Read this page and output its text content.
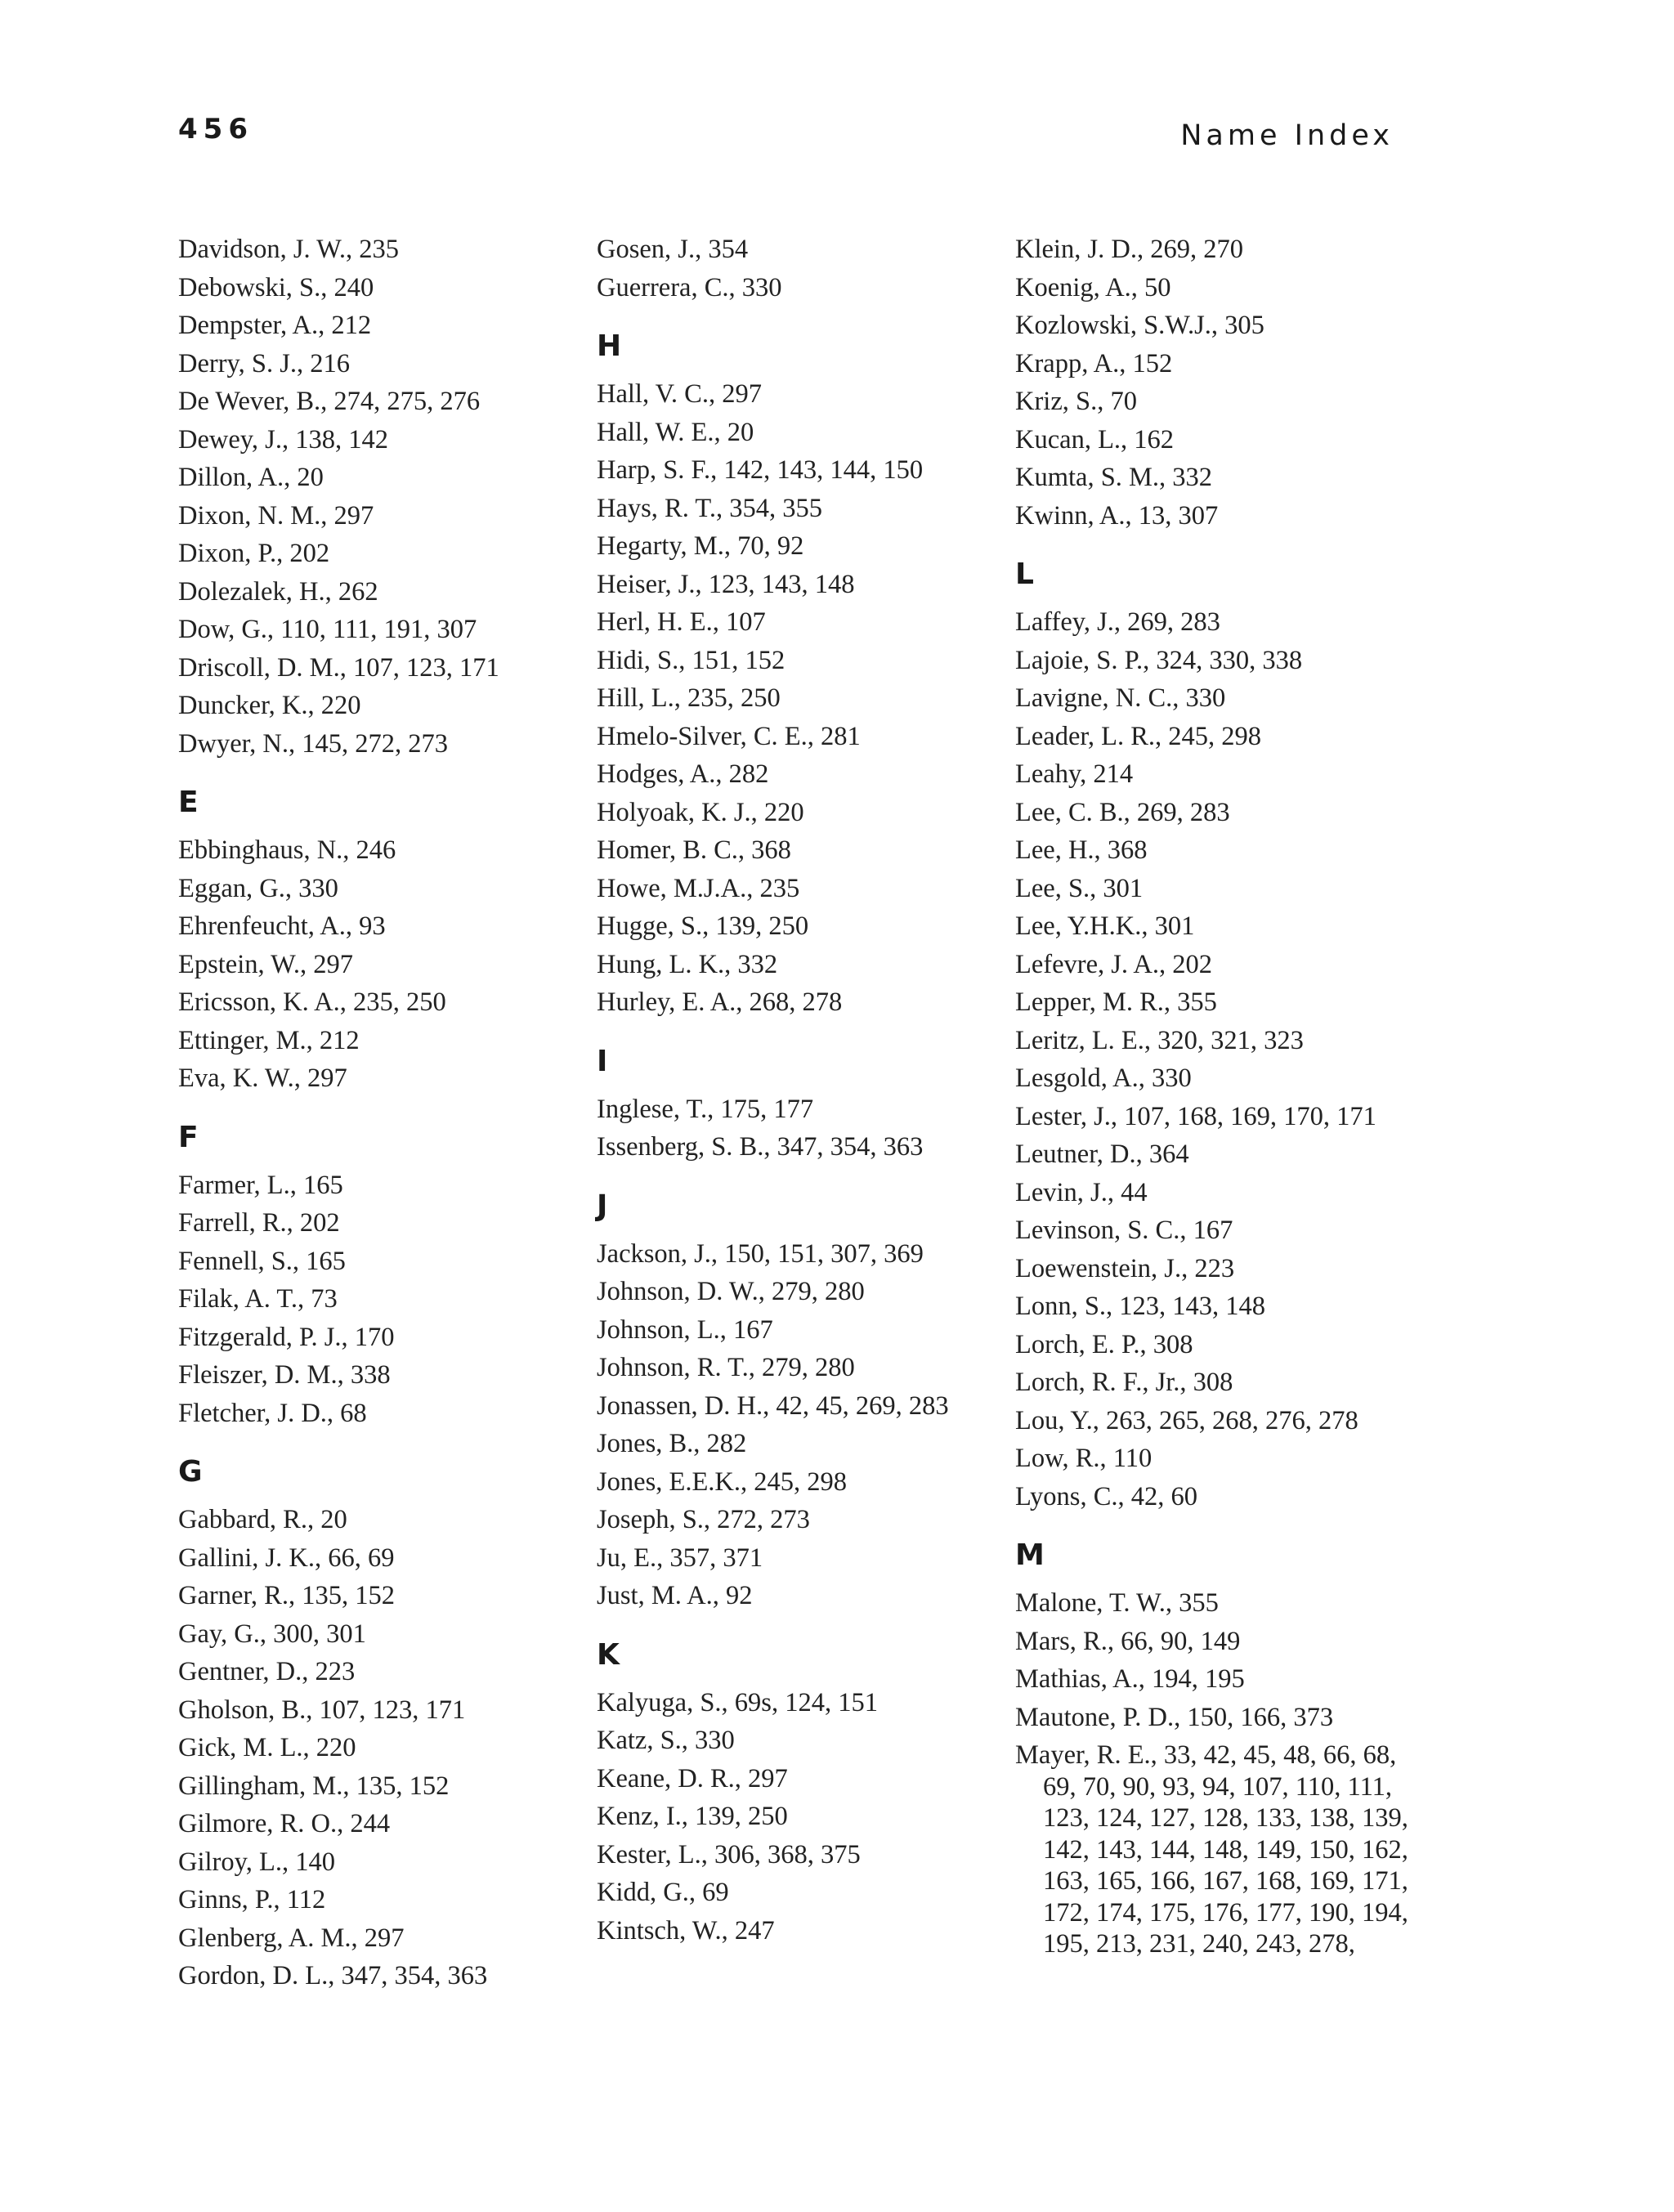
456	Name Index
Davidson, J. W., 235
Debowski, S., 240
Dempster, A., 212
Derry, S. J., 216
De Wever, B., 274, 275, 276
Dewey, J., 138, 142
Dillon, A., 20
Dixon, N. M., 297
Dixon, P., 202
Dolezalek, H., 262
Dow, G., 110, 111, 191, 307
Driscoll, D. M., 107, 123, 171
Duncker, K., 220
Dwyer, N., 145, 272, 273
E
Ebbinghaus, N., 246
Eggan, G., 330
Ehrenfeucht, A., 93
Epstein, W., 297
Ericsson, K. A., 235, 250
Ettinger, M., 212
Eva, K. W., 297
F
Farmer, L., 165
Farrell, R., 202
Fennell, S., 165
Filak, A. T., 73
Fitzgerald, P. J., 170
Fleiszer, D. M., 338
Fletcher, J. D., 68
G
Gabbard, R., 20
Gallini, J. K., 66, 69
Garner, R., 135, 152
Gay, G., 300, 301
Gentner, D., 223
Gholson, B., 107, 123, 171
Gick, M. L., 220
Gillingham, M., 135, 152
Gilmore, R. O., 244
Gilroy, L., 140
Ginns, P., 112
Glenberg, A. M., 297
Gordon, D. L., 347, 354, 363
Gosen, J., 354
Guerrera, C., 330
H
Hall, V. C., 297
Hall, W. E., 20
Harp, S. F., 142, 143, 144, 150
Hays, R. T., 354, 355
Hegarty, M., 70, 92
Heiser, J., 123, 143, 148
Herl, H. E., 107
Hidi, S., 151, 152
Hill, L., 235, 250
Hmelo-Silver, C. E., 281
Hodges, A., 282
Holyoak, K. J., 220
Homer, B. C., 368
Howe, M.J.A., 235
Hugge, S., 139, 250
Hung, L. K., 332
Hurley, E. A., 268, 278
I
Inglese, T., 175, 177
Issenberg, S. B., 347, 354, 363
J
Jackson, J., 150, 151, 307, 369
Johnson, D. W., 279, 280
Johnson, L., 167
Johnson, R. T., 279, 280
Jonassen, D. H., 42, 45, 269, 283
Jones, B., 282
Jones, E.E.K., 245, 298
Joseph, S., 272, 273
Ju, E., 357, 371
Just, M. A., 92
K
Kalyuga, S., 69s, 124, 151
Katz, S., 330
Keane, D. R., 297
Kenz, I., 139, 250
Kester, L., 306, 368, 375
Kidd, G., 69
Kintsch, W., 247
Klein, J. D., 269, 270
Koenig, A., 50
Kozlowski, S.W.J., 305
Krapp, A., 152
Kriz, S., 70
Kucan, L., 162
Kumta, S. M., 332
Kwinn, A., 13, 307
L
Laffey, J., 269, 283
Lajoie, S. P., 324, 330, 338
Lavigne, N. C., 330
Leader, L. R., 245, 298
Leahy, 214
Lee, C. B., 269, 283
Lee, H., 368
Lee, S., 301
Lee, Y.H.K., 301
Lefevre, J. A., 202
Lepper, M. R., 355
Leritz, L. E., 320, 321, 323
Lesgold, A., 330
Lester, J., 107, 168, 169, 170, 171
Leutner, D., 364
Levin, J., 44
Levinson, S. C., 167
Loewenstein, J., 223
Lonn, S., 123, 143, 148
Lorch, E. P., 308
Lorch, R. F., Jr., 308
Lou, Y., 263, 265, 268, 276, 278
Low, R., 110
Lyons, C., 42, 60
M
Malone, T. W., 355
Mars, R., 66, 90, 149
Mathias, A., 194, 195
Mautone, P. D., 150, 166, 373
Mayer, R. E., 33, 42, 45, 48, 66, 68, 69, 70, 90, 93, 94, 107, 110, 111, 123, 124, 127, 128, 133, 138, 139, 142, 143, 144, 148, 149, 150, 162, 163, 165, 166, 167, 168, 169, 171, 172, 174, 175, 176, 177, 190, 194, 195, 213, 231, 240, 243, 278,
